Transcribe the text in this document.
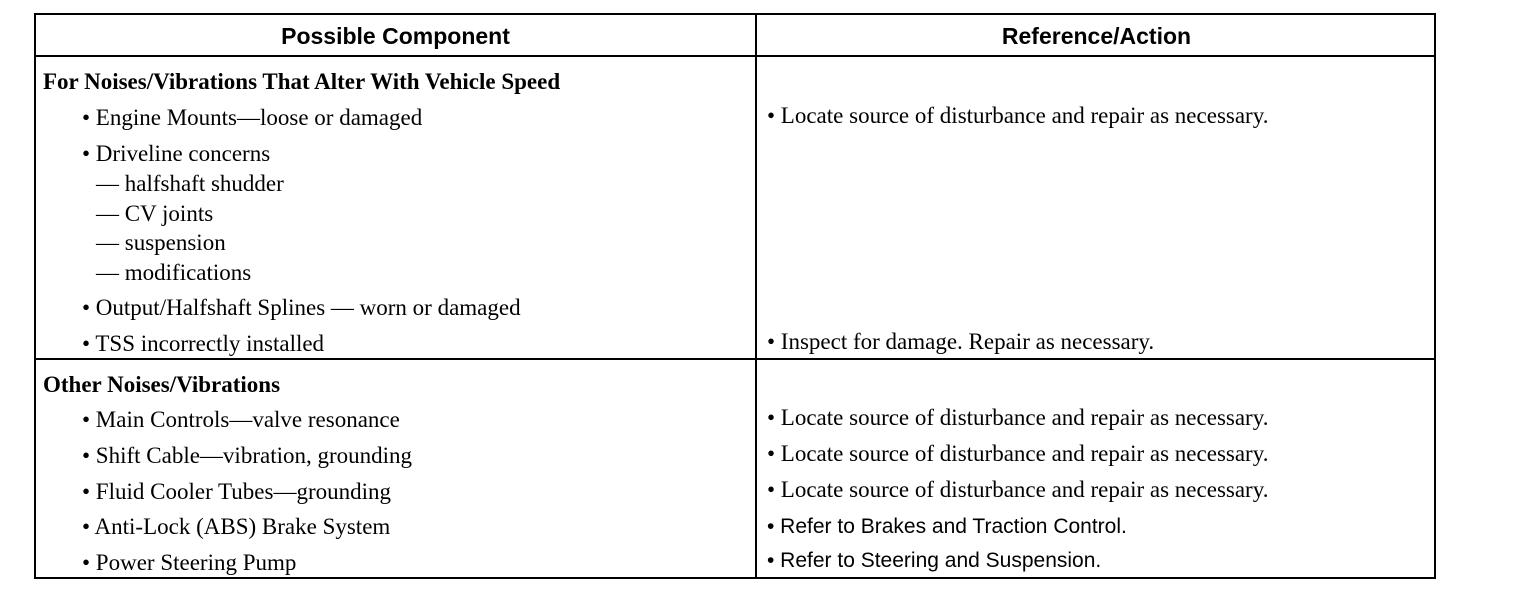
Possible Component	Reference/Action
For Noises/Vibrations That Alter With Vehicle Speed
• Engine Mounts—loose or damaged
• Driveline concerns
— halfshaft shudder
— CV joints
— suspension
— modifications
• Output/Halfshaft Splines — worn or damaged
• TSS incorrectly installed
• Locate source of disturbance and repair as necessary.
• Inspect for damage. Repair as necessary.
Other Noises/Vibrations
• Main Controls—valve resonance
• Shift Cable—vibration, grounding
• Fluid Cooler Tubes—grounding
• Anti-Lock (ABS) Brake System
• Power Steering Pump
• Locate source of disturbance and repair as necessary.
• Locate source of disturbance and repair as necessary.
• Locate source of disturbance and repair as necessary.
• Refer to Brakes and Traction Control.
• Refer to Steering and Suspension.
